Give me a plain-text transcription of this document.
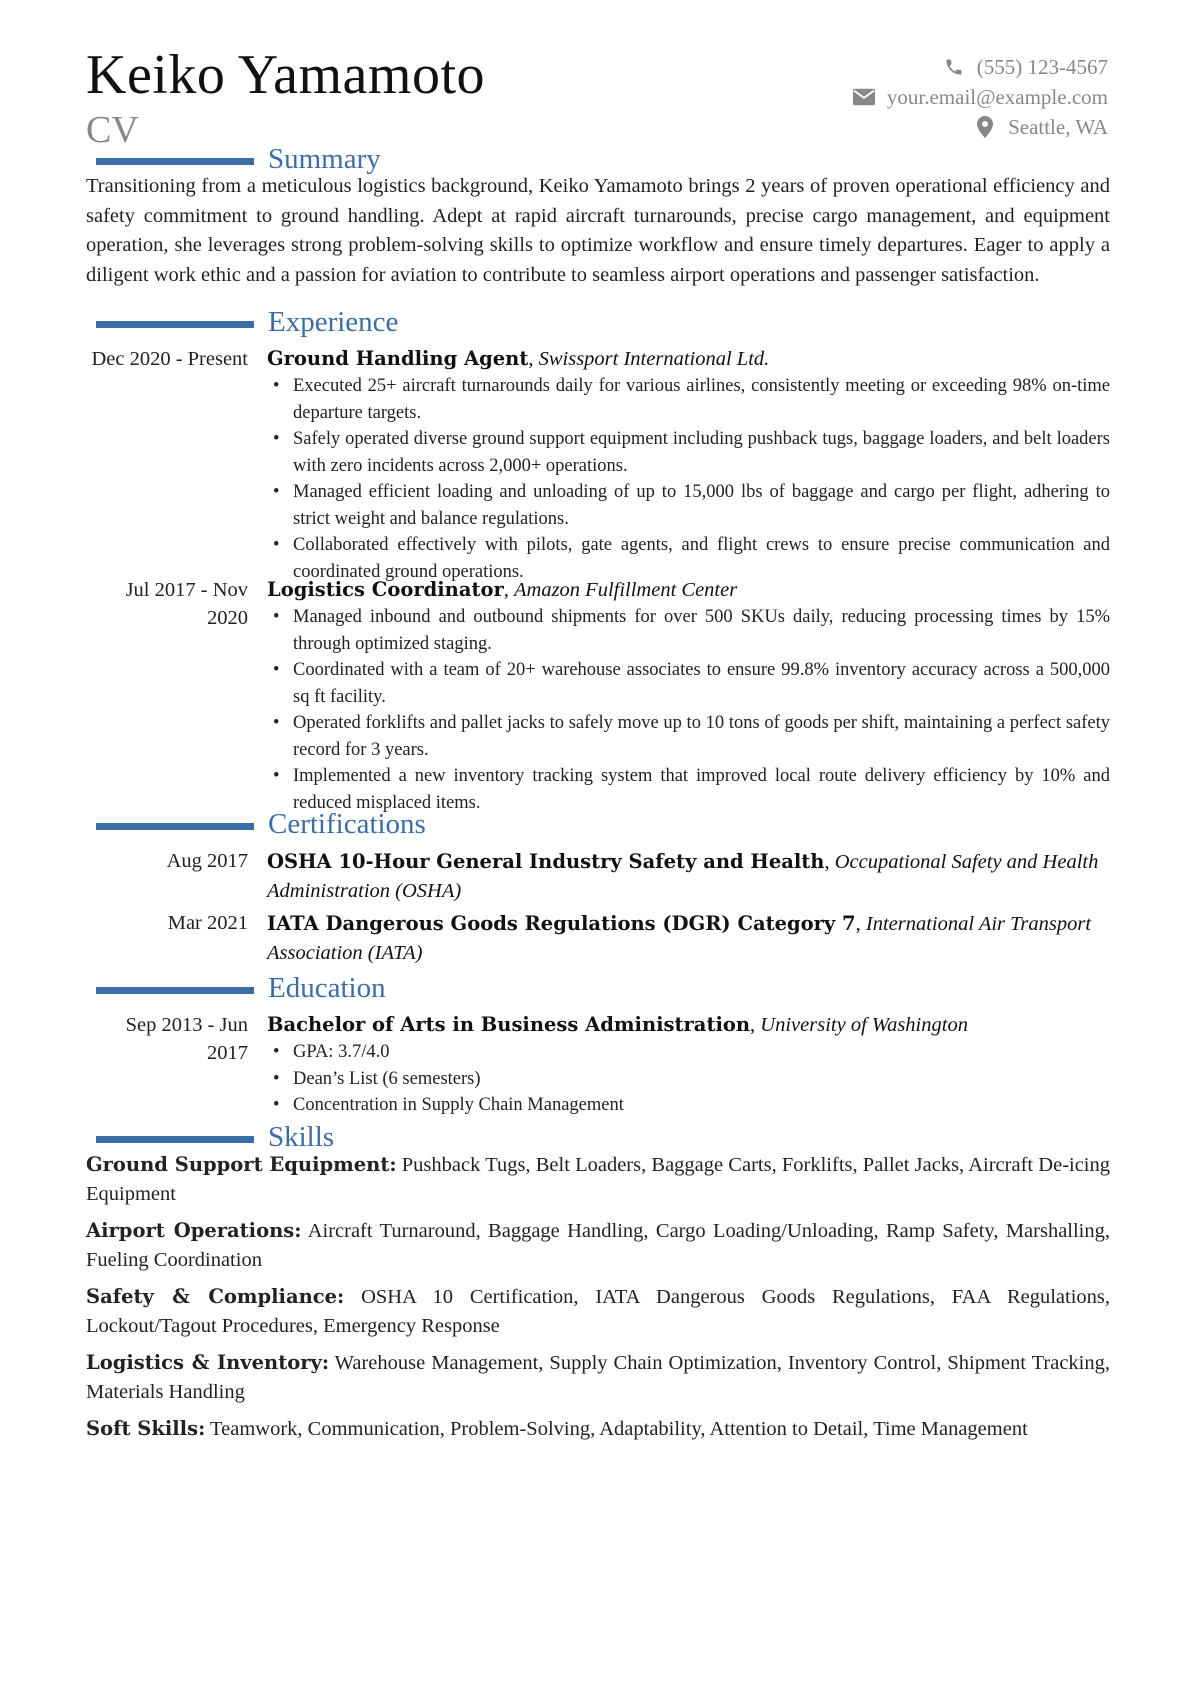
Keiko Yamamoto
CV
(555) 123-4567
your.email@example.com
Seattle, WA
Summary
Transitioning from a meticulous logistics background, Keiko Yamamoto brings 2 years of proven operational efficiency and safety commitment to ground handling. Adept at rapid aircraft turnarounds, precise cargo management, and equipment operation, she leverages strong problem-solving skills to optimize workflow and ensure timely departures. Eager to apply a diligent work ethic and a passion for aviation to contribute to seamless airport operations and passenger satisfaction.
Experience
Dec 2020 - Present Ground Handling Agent, Swissport International Ltd.
• Executed 25+ aircraft turnarounds daily for various airlines, consistently meeting or exceeding 98% on-time departure targets.
• Safely operated diverse ground support equipment including pushback tugs, baggage loaders, and belt loaders with zero incidents across 2,000+ operations.
• Managed efficient loading and unloading of up to 15,000 lbs of baggage and cargo per flight, adhering to strict weight and balance regulations.
• Collaborated effectively with pilots, gate agents, and flight crews to ensure precise communication and coordinated ground operations.
Jul 2017 - Nov 2020
Logistics Coordinator, Amazon Fulfillment Center
• Managed inbound and outbound shipments for over 500 SKUs daily, reducing processing times by 15% through optimized staging.
• Coordinated with a team of 20+ warehouse associates to ensure 99.8% inventory accuracy across a 500,000 sq ft facility.
• Operated forklifts and pallet jacks to safely move up to 10 tons of goods per shift, maintaining a perfect safety record for 3 years.
• Implemented a new inventory tracking system that improved local route delivery efficiency by 10% and reduced misplaced items.
Certifications
Aug 2017 OSHA 10-Hour General Industry Safety and Health, Occupational Safety and Health Administration (OSHA)
Mar 2021 IATA Dangerous Goods Regulations (DGR) Category 7, International Air Transport Association (IATA)
Education
Sep 2013 - Jun 2017
Bachelor of Arts in Business Administration, University of Washington
• GPA: 3.7/4.0
• Dean’s List (6 semesters)
• Concentration in Supply Chain Management
Skills
Ground Support Equipment: Pushback Tugs, Belt Loaders, Baggage Carts, Forklifts, Pallet Jacks, Aircraft De-icing Equipment
Airport Operations: Aircraft Turnaround, Baggage Handling, Cargo Loading/Unloading, Ramp Safety, Marshalling, Fueling Coordination
Safety & Compliance: OSHA 10 Certification, IATA Dangerous Goods Regulations, FAA Regulations, Lockout/Tagout Procedures, Emergency Response
Logistics & Inventory: Warehouse Management, Supply Chain Optimization, Inventory Control, Shipment Tracking, Materials Handling
Soft Skills: Teamwork, Communication, Problem-Solving, Adaptability, Attention to Detail, Time Management
